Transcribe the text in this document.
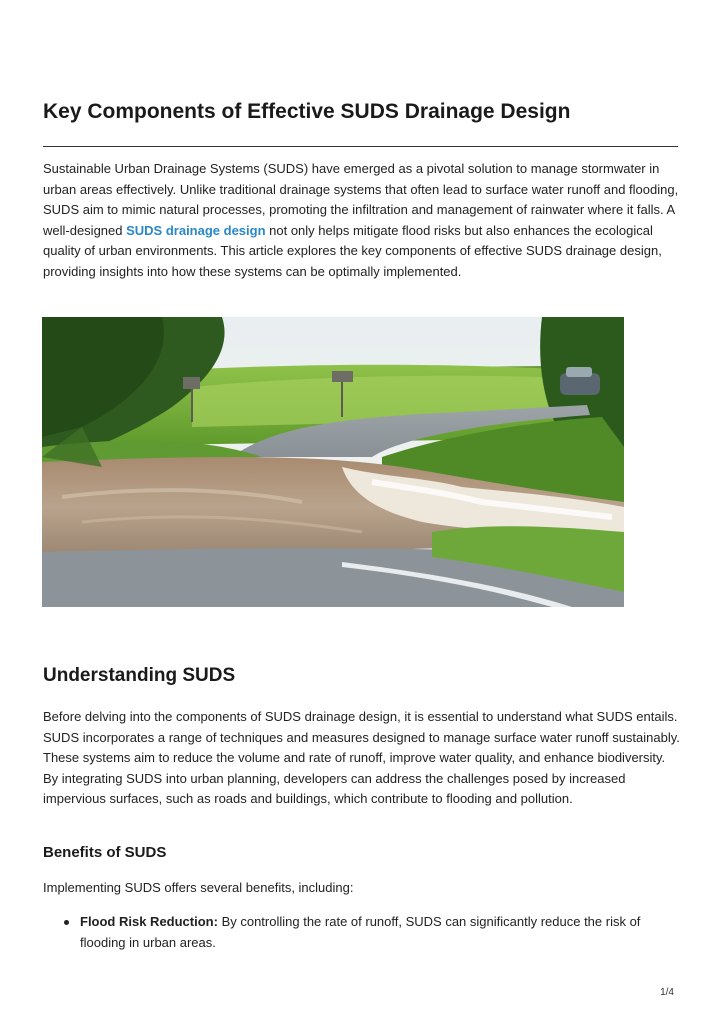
Key Components of Effective SUDS Drainage Design

Sustainable Urban Drainage Systems (SUDS) have emerged as a pivotal solution to manage stormwater in urban areas effectively. Unlike traditional drainage systems that often lead to surface water runoff and flooding, SUDS aim to mimic natural processes, promoting the infiltration and management of rainwater where it falls. A well-designed SUDS drainage design not only helps mitigate flood risks but also enhances the ecological quality of urban environments. This article explores the key components of effective SUDS drainage design, providing insights into how these systems can be optimally implemented.

Understanding SUDS

Before delving into the components of SUDS drainage design, it is essential to understand what SUDS entails. SUDS incorporates a range of techniques and measures designed to manage surface water runoff sustainably. These systems aim to reduce the volume and rate of runoff, improve water quality, and enhance biodiversity. By integrating SUDS into urban planning, developers can address the challenges posed by increased impervious surfaces, such as roads and buildings, which contribute to flooding and pollution.

Benefits of SUDS

Implementing SUDS offers several benefits, including:

Flood Risk Reduction: By controlling the rate of runoff, SUDS can significantly reduce the risk of flooding in urban areas.
1/4
